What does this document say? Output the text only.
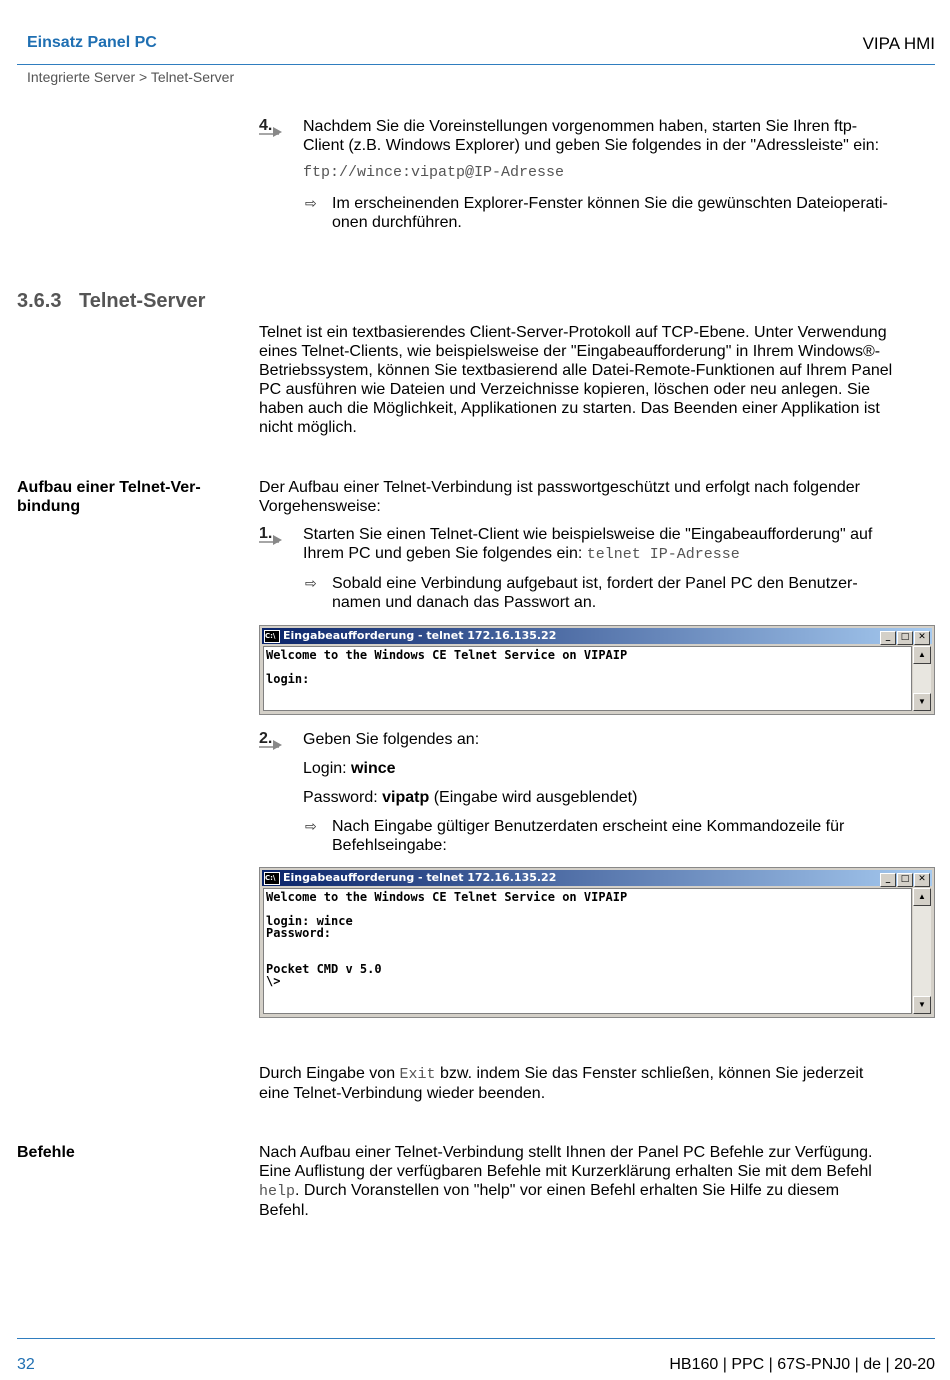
Einsatz Panel PC	VIPA HMI
Integrierte Server > Telnet-Server
4. Nachdem Sie die Voreinstellungen vorgenommen haben, starten Sie Ihren ftp-
Client (z.B. Windows Explorer) und geben Sie folgendes in der "Adressleiste" ein:
ftp://wince:vipatp@IP-Adresse
⇨ Im erscheinenden Explorer-Fenster können Sie die gewünschten Dateioperati-
onen durchführen.
3.6.3 Telnet-Server
Telnet ist ein textbasierendes Client-Server-Protokoll auf TCP-Ebene. Unter Verwendung
eines Telnet-Clients, wie beispielsweise der "Eingabeaufforderung" in Ihrem Windows®-
Betriebssystem, können Sie textbasierend alle Datei-Remote-Funktionen auf Ihrem Panel
PC ausführen wie Dateien und Verzeichnisse kopieren, löschen oder neu anlegen. Sie
haben auch die Möglichkeit, Applikationen zu starten. Das Beenden einer Applikation ist
nicht möglich.
Aufbau einer Telnet-Ver-
bindung
Der Aufbau einer Telnet-Verbindung ist passwortgeschützt und erfolgt nach folgender
Vorgehensweise:
1. Starten Sie einen Telnet-Client wie beispielsweise die "Eingabeaufforderung" auf
Ihrem PC und geben Sie folgendes ein: telnet IP-Adresse
⇨ Sobald eine Verbindung aufgebaut ist, fordert der Panel PC den Benutzer-
namen und danach das Passwort an.
C:\ Eingabeaufforderung - telnet 172.16.135.22	_ □ ✕
Welcome to the Windows CE Telnet Service on VIPAIP

login:
▲
▼
2. Geben Sie folgendes an:
Login: wince
Password: vipatp (Eingabe wird ausgeblendet)
⇨ Nach Eingabe gültiger Benutzerdaten erscheint eine Kommandozeile für
Befehlseingabe:
C:\ Eingabeaufforderung - telnet 172.16.135.22	_ □ ✕
Welcome to the Windows CE Telnet Service on VIPAIP

login: wince
Password:

Pocket CMD v 5.0
\>
▲
▼
Durch Eingabe von Exit bzw. indem Sie das Fenster schließen, können Sie jederzeit
eine Telnet-Verbindung wieder beenden.
Befehle	Nach Aufbau einer Telnet-Verbindung stellt Ihnen der Panel PC Befehle zur Verfügung.
Eine Auflistung der verfügbaren Befehle mit Kurzerklärung erhalten Sie mit dem Befehl
help. Durch Voranstellen von "help" vor einen Befehl erhalten Sie Hilfe zu diesem
Befehl.
32	HB160 | PPC | 67S-PNJ0 | de | 20-20
